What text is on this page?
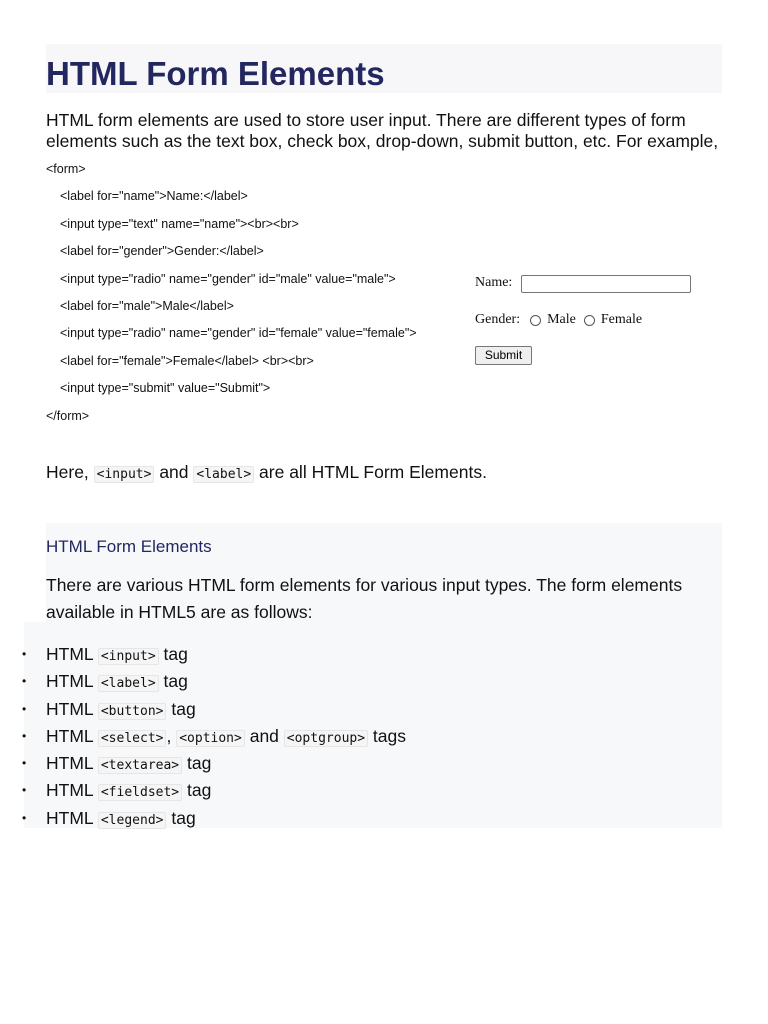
HTML Form Elements

HTML form elements are used to store user input. There are different types of form elements such as the text box, check box, drop-down, submit button, etc. For example,

<form>
<label for="name">Name:</label>
<input type="text" name="name"><br><br>
<label for="gender">Gender:</label>
<input type="radio" name="gender" id="male" value="male">
<label for="male">Male</label>
<input type="radio" name="gender" id="female" value="female">
<label for="female">Female</label> <br><br>
<input type="submit" value="Submit">
</form>
Name:
Gender: Male Female
Submit

Here, <input> and <label> are all HTML Form Elements.

HTML Form Elements

There are various HTML form elements for various input types. The form elements available in HTML5 are as follows:

• HTML <input> tag
• HTML <label> tag
• HTML <button> tag
• HTML <select> , <option> and <optgroup> tags
• HTML <textarea> tag
• HTML <fieldset> tag
• HTML <legend> tag
